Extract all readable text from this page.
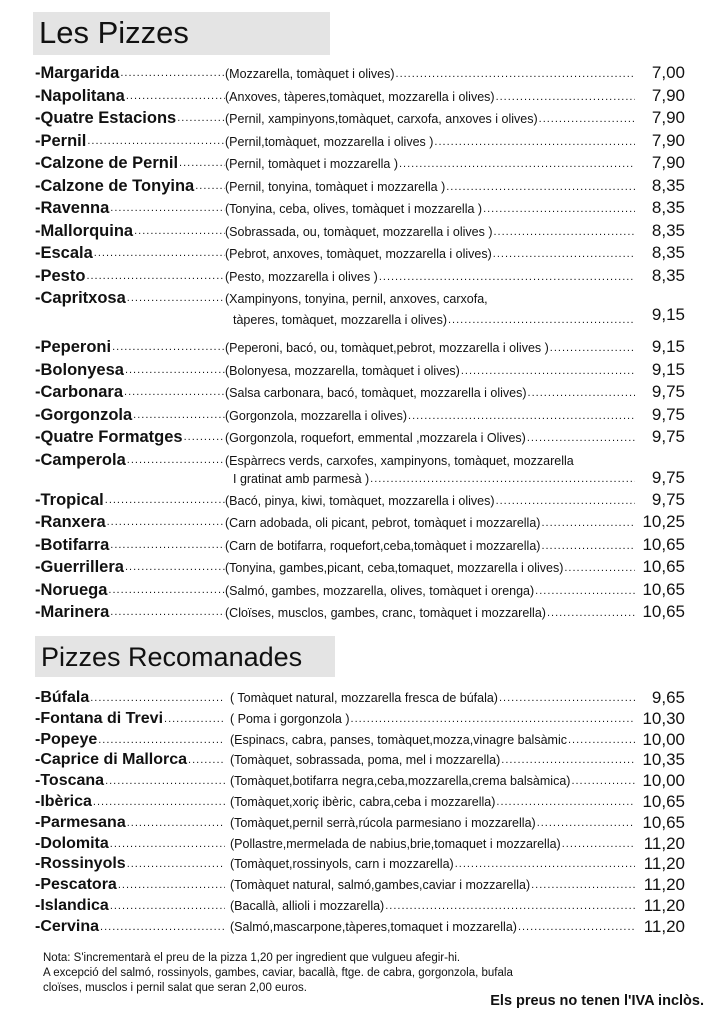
Les Pizzes
-Margarida .....	(Mozzarella, tomàquet i olives) .....	7,00
-Napolitana .....	(Anxoves, tàperes,tomàquet, mozzarella i olives) .....	7,90
-Quatre Estacions .....	(Pernil, xampinyons,tomàquet, carxofa, anxoves i olives) .....	7,90
-Pernil .....	(Pernil,tomàquet, mozzarella i olives ) .....	7,90
-Calzone de Pernil .....	(Pernil, tomàquet i mozzarella ) .....	7,90
-Calzone de Tonyina ..... (Pernil, tonyina, tomàquet i mozzarella ) .....	8,35
-Ravenna .....	(Tonyina, ceba, olives, tomàquet i mozzarella ) .....	8,35
-Mallorquina .....	(Sobrassada, ou, tomàquet, mozzarella i olives ) .....	8,35
-Escala .....	(Pebrot, anxoves, tomàquet, mozzarella i olives) .....	8,35
-Pesto .....	(Pesto, mozzarella i olives ) .....	8,35
-Capritxosa .....	(Xampinyons, tonyina, pernil, anxoves, carxofa,
tàperes, tomàquet, mozzarella i olives) .....	9,15
-Peperoni .....	(Peperoni, bacó, ou, tomàquet,pebrot, mozzarella i olives ) .....	9,15
-Bolonyesa .....	(Bolonyesa, mozzarella, tomàquet i olives) .....	9,15
-Carbonara .....	(Salsa carbonara, bacó, tomàquet, mozzarella i olives) .....	9,75
-Gorgonzola .....	(Gorgonzola, mozzarella i olives) .....	9,75
-Quatre Formatges .....	(Gorgonzola, roquefort, emmental ,mozzarela i Olives) .....	9,75
-Camperola .....	(Espàrrecs verds, carxofes, xampinyons, tomàquet, mozzarella
I gratinat amb parmesà ) .....	9,75
-Tropical .....	(Bacó, pinya, kiwi, tomàquet, mozzarella i olives) .....	9,75
-Ranxera .....	(Carn adobada, oli picant, pebrot, tomàquet i mozzarella) .....	10,25
-Botifarra .....	(Carn de botifarra, roquefort,ceba,tomàquet i mozzarella) .....	10,65
-Guerrillera .....	(Tonyina, gambes,picant, ceba,tomaquet, mozzarella i olives) .....	10,65
-Noruega .....	(Salmó, gambes, mozzarella, olives, tomàquet i orenga) .....	10,65
-Marinera .....	(Cloïses, musclos, gambes, cranc, tomàquet i mozzarella) .....	10,65
Pizzes Recomanades
-Búfala .....	( Tomàquet natural, mozzarella fresca de búfala) .....	9,65
-Fontana di Trevi .....	( Poma i gorgonzola ) .....	10,30
-Popeye .....	(Espinacs, cabra, panses, tomàquet,mozza,vinagre balsàmic .....	10,00
-Caprice di Mallorca .....	(Tomàquet, sobrassada, poma, mel i mozzarella) .....	10,35
-Toscana .....	(Tomàquet,botifarra negra,ceba,mozzarella,crema balsàmica) .....	10,00
-Ibèrica .....	(Tomàquet,xoriç ibèric, cabra,ceba i mozzarella) .....	10,65
-Parmesana .....	(Tomàquet,pernil serrà,rúcola parmesiano i mozzarella) .....	10,65
-Dolomita .....	(Pollastre,mermelada de nabius,brie,tomaquet i mozzarella) .....	11,20
-Rossinyols .....	(Tomàquet,rossinyols, carn i mozzarella) .....	11,20
-Pescatora .....	(Tomàquet natural, salmó,gambes,caviar i mozzarella) .....	11,20
-Islandica .....	(Bacallà, allioli i mozzarella) .....	11,20
-Cervina .....	(Salmó,mascarpone,tàperes,tomaquet i mozzarella) .....	11,20
Nota: S'incrementarà el preu de la pizza 1,20 per ingredient que vulgueu afegir-hi.
A excepció del salmó, rossinyols, gambes, caviar, bacallà, ftge. de cabra, gorgonzola, bufala
cloïses, musclos i pernil salat que seran 2,00 euros.
Els preus no tenen l'IVA inclòs.
